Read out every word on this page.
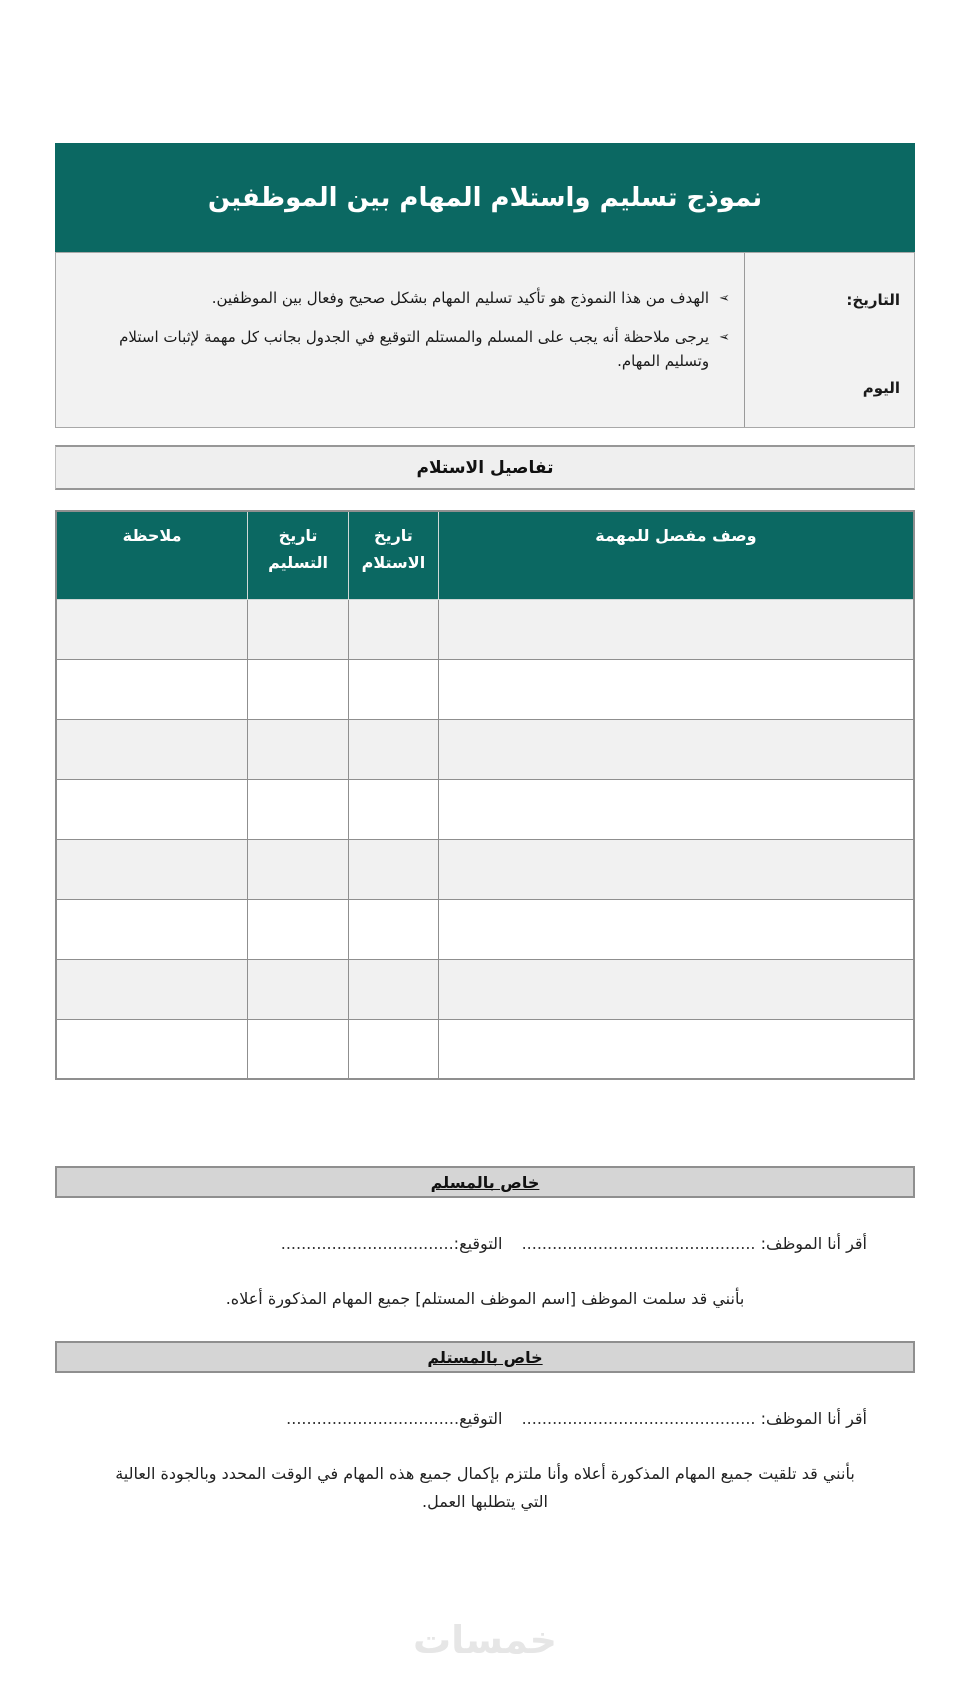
نموذج تسليم واستلام المهام بين الموظفين
التاريخ:
اليوم
➢
الهدف من هذا النموذج هو تأكيد تسليم المهام بشكل صحيح وفعال بين الموظفين.
➢
يرجى ملاحظة أنه يجب على المسلم والمستلم التوقيع في الجدول بجانب كل مهمة لإثبات استلام وتسليم المهام.
تفاصيل الاستلام
وصف مفصل للمهمة	تاريخ الاستلام	تاريخ التسليم	ملاحظة

خاص بالمسلم
أقر أنا الموظف: .............................................. التوقيع:..................................
بأنني قد سلمت الموظف [اسم الموظف المستلم] جميع المهام المذكورة أعلاه.
خاص بالمستلم
أقر أنا الموظف: .............................................. التوقيع..................................
بأنني قد تلقيت جميع المهام المذكورة أعلاه وأنا ملتزم بإكمال جميع هذه المهام في الوقت المحدد وبالجودة العالية التي يتطلبها العمل.
خمسات
